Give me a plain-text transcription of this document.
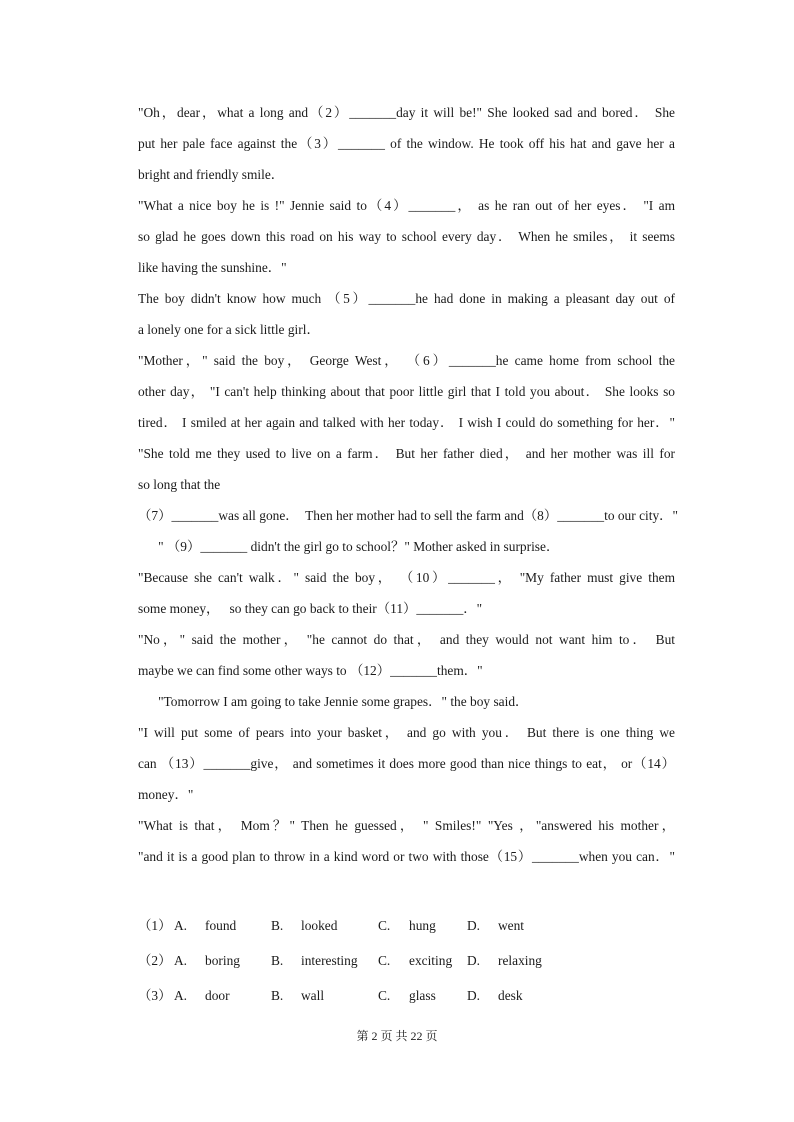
"Oh，dear，what a long and（2）_______day it will be!" She looked sad and bored． She
put her pale face against the（3）_______ of the window. He took off his hat and gave her a
bright and friendly smile．
"What a nice boy he is !" Jennie said to（4）_______， as he ran out of her eyes． "I am
so glad he goes down this road on his way to school every day． When he smiles， it seems
like having the sunshine．"
The boy didn't know how much （5）_______he had done in making a pleasant day out of
a lonely one for a sick little girl．
"Mother，" said the boy， George West， （6）_______he came home from school the
other day， "I can't help thinking about that poor little girl that I told you about． She looks so
tired． I smiled at her again and talked with her today． I wish I could do something for her．"
"She told me they used to live on a farm． But her father died， and her mother was ill for
so long that the
（7）_______was all gone．  Then her mother had to sell the farm and（8）_______to our city．"
" （9）_______ didn't the girl go to school？" Mother asked in surprise．
"Because she can't walk．" said the boy， （10）_______， "My father must give them
some money，   so they can go back to their（11）_______．"
"No，" said the mother， "he cannot do that， and they would not want him to． But
maybe we can find some other ways to （12）_______them．"
"Tomorrow I am going to take Jennie some grapes．" the boy said．
"I will put some of pears into your basket， and go with you． But there is one thing we
can （13）_______give， and sometimes it does more good than nice things to eat， or（14）
money．"
"What is that， Mom？" Then he guessed， " Smiles!" "Yes ，"answered his mother，
"and it is a good plan to throw in a kind word or two with those（15）_______when you can．"
（1） A. found	B. looked	C. hung D. went
（2） A. boring B. interesting C. exciting D. relaxing
（3） A. door	B. wall	C. glass D. desk
第 2 页 共 22 页
